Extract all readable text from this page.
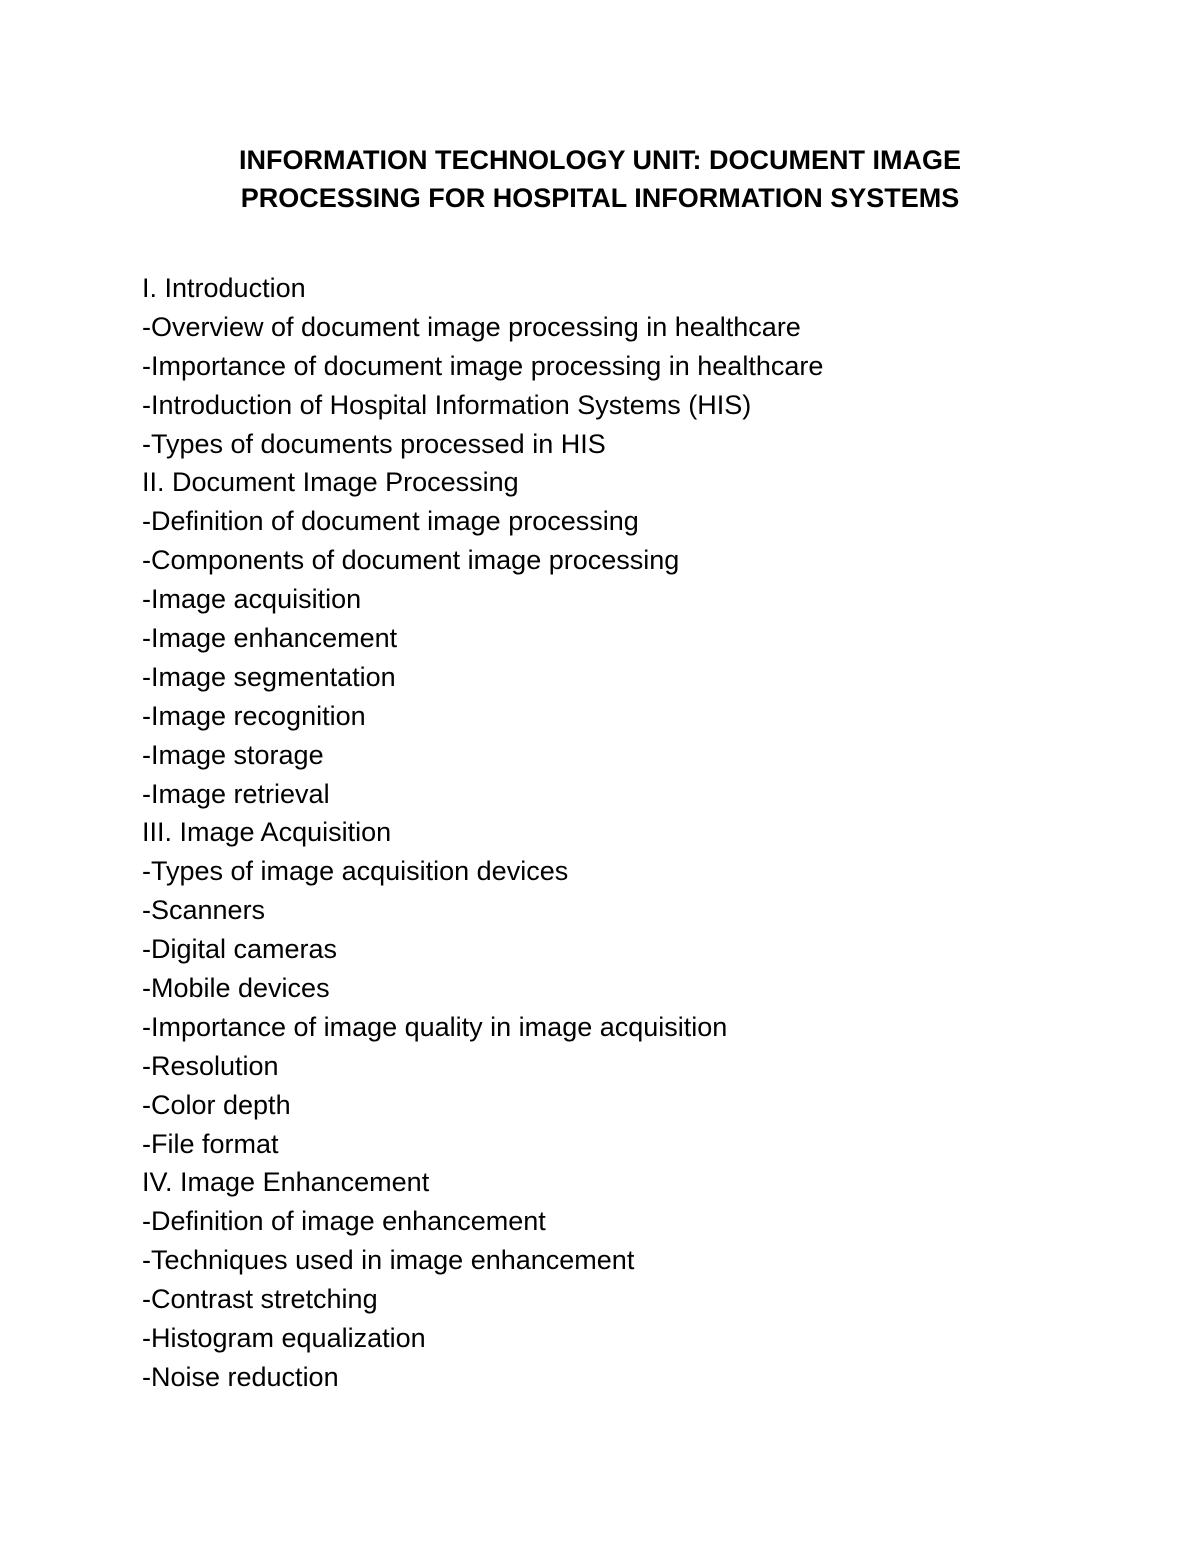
INFORMATION TECHNOLOGY UNIT: DOCUMENT IMAGE
PROCESSING FOR HOSPITAL INFORMATION SYSTEMS
I. Introduction
-Overview of document image processing in healthcare
-Importance of document image processing in healthcare
-Introduction of Hospital Information Systems (HIS)
-Types of documents processed in HIS
II. Document Image Processing
-Definition of document image processing
-Components of document image processing
-Image acquisition
-Image enhancement
-Image segmentation
-Image recognition
-Image storage
-Image retrieval
III. Image Acquisition
-Types of image acquisition devices
-Scanners
-Digital cameras
-Mobile devices
-Importance of image quality in image acquisition
-Resolution
-Color depth
-File format
IV. Image Enhancement
-Definition of image enhancement
-Techniques used in image enhancement
-Contrast stretching
-Histogram equalization
-Noise reduction
